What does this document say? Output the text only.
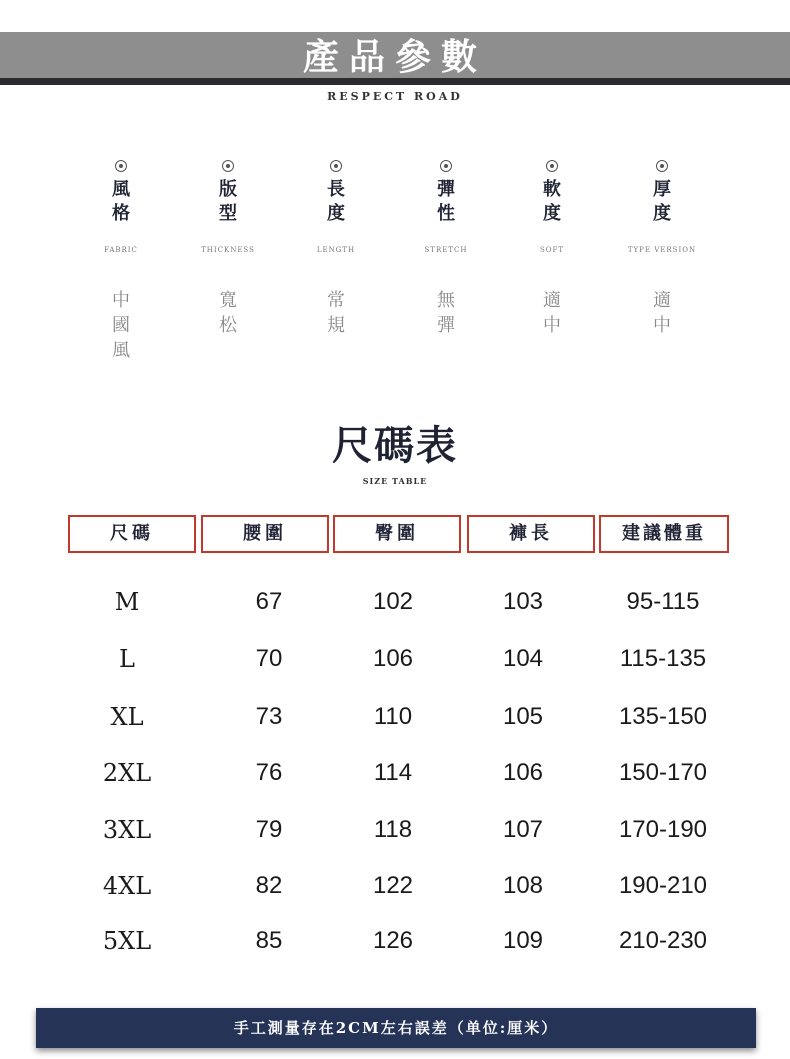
產品參數
RESPECT ROAD
風格
FABRIC
中國風
版型
THICKNESS
寬松
長度
LENGTH
常規
彈性
STRETCH
無彈
軟度
SOFT
適中
厚度
TYPE VERSION
適中
尺碼表
SIZE TABLE
尺碼	腰圍	臀圍	褲長	建議體重
M	67	102	103	95-115
L	70	106	104	115-135
XL	73	110	105	135-150
2XL	76	114	106	150-170
3XL	79	118	107	170-190
4XL	82	122	108	190-210
5XL	85	126	109	210-230
手工測量存在2CM左右誤差（单位:厘米）
